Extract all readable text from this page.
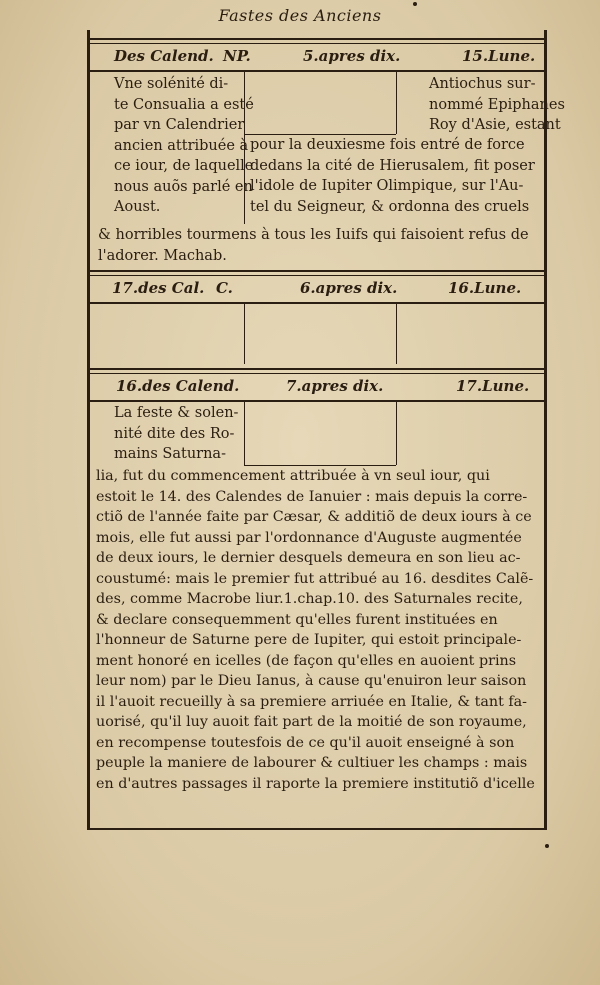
Fastes des Anciens
Des Calend. NP.	5.apres dix.	15.Lune.
Vne solénité di-
te Consualia a esté
par vn Calendrier
ancien attribuée à
ce iour, de laquelle
nous auõs parlé en
Aoust.
Antiochus sur-
nommé Epiphanes
Roy d'Asie, estant
pour la deuxiesme fois entré de force
dedans la cité de Hierusalem, fit poser
l'idole de Iupiter Olimpique, sur l'Au-
tel du Seigneur, & ordonna des cruels
& horribles tourmens à tous les Iuifs qui faisoient refus de
l'adorer. Machab.
17.des Cal. C.	6.apres dix.	16.Lune.
16.des Calend.	7.apres dix.	17.Lune.
La feste & solen-
nité dite des Ro-
mains Saturna-
lia, fut du commencement attribuée à vn seul iour, qui
estoit le 14. des Calendes de Ianuier : mais depuis la corre-
ctiõ de l'année faite par Cæsar, & additiõ de deux iours à ce
mois, elle fut aussi par l'ordonnance d'Auguste augmentée
de deux iours, le dernier desquels demeura en son lieu ac-
coustumé: mais le premier fut attribué au 16. desdites Calẽ-
des, comme Macrobe liur.1.chap.10. des Saturnales recite,
& declare consequemment qu'elles furent instituées en
l'honneur de Saturne pere de Iupiter, qui estoit principale-
ment honoré en icelles (de façon qu'elles en auoient prins
leur nom) par le Dieu Ianus, à cause qu'enuiron leur saison
il l'auoit recueilly à sa premiere arriuée en Italie, & tant fa-
uorisé, qu'il luy auoit fait part de la moitié de son royaume,
en recompense toutesfois de ce qu'il auoit enseigné à son
peuple la maniere de labourer & cultiuer les champs : mais
en d'autres passages il raporte la premiere institutiõ d'icelle
